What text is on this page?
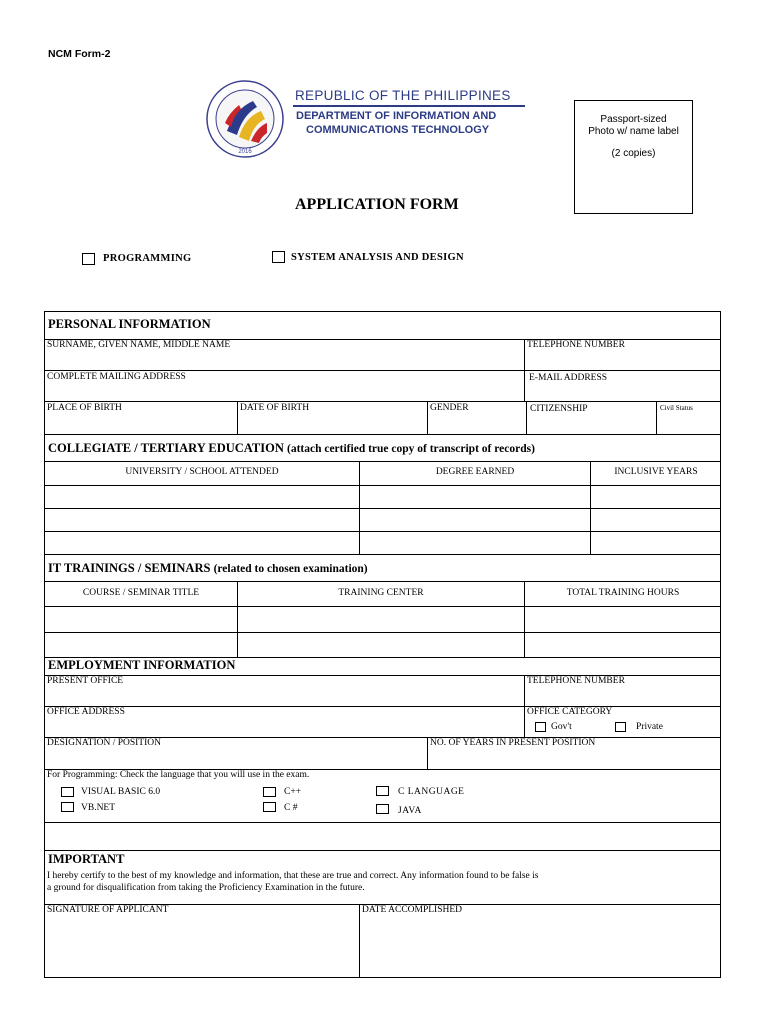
NCM Form-2
2016
REPUBLIC OF THE PHILIPPINES
DEPARTMENT OF INFORMATION AND
COMMUNICATIONS TECHNOLOGY
Passport-sized
Photo w/ name label
(2 copies)
APPLICATION FORM
PROGRAMMING	SYSTEM ANALYSIS AND DESIGN
PERSONAL INFORMATION
SURNAME, GIVEN NAME, MIDDLE NAME	TELEPHONE NUMBER
COMPLETE MAILING ADDRESS	E-MAIL ADDRESS
PLACE OF BIRTH	DATE OF BIRTH	GENDER	CITIZENSHIP	Civil Status
COLLEGIATE / TERTIARY EDUCATION (attach certified true copy of transcript of records)
UNIVERSITY / SCHOOL ATTENDED	DEGREE EARNED	INCLUSIVE YEARS
IT TRAININGS / SEMINARS (related to chosen examination)
COURSE / SEMINAR TITLE	TRAINING CENTER	TOTAL TRAINING HOURS
EMPLOYMENT INFORMATION
PRESENT OFFICE	TELEPHONE NUMBER
OFFICE ADDRESS	OFFICE CATEGORY
Gov't	Private
DESIGNATION / POSITION	NO. OF YEARS IN PRESENT POSITION
For Programming: Check the language that you will use in the exam.
VISUAL BASIC 6.0
VB.NET
C++
C #
C LANGUAGE
JAVA
IMPORTANT
I hereby certify to the best of my knowledge and information, that these are true and correct. Any information found to be false is
a ground for disqualification from taking the Proficiency Examination in the future.
SIGNATURE OF APPLICANT	DATE ACCOMPLISHED
